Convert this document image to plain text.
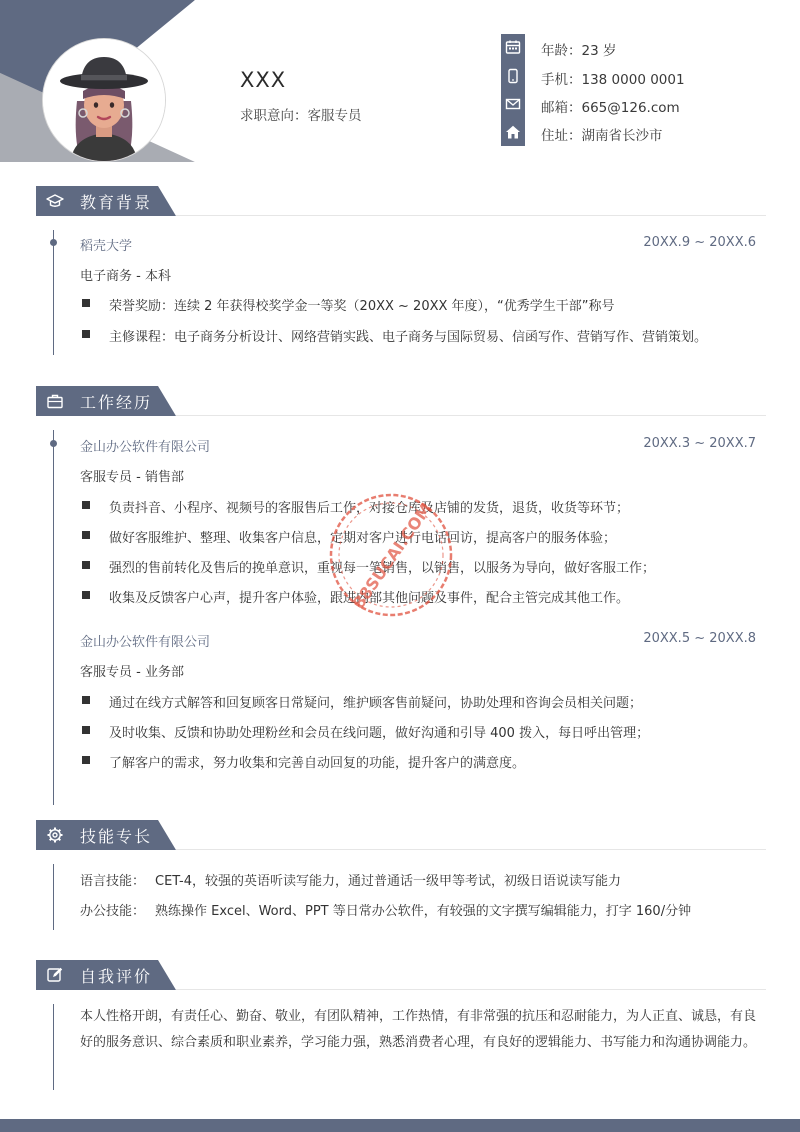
XXX
求职意向：客服专员
年龄：23 岁
手机：138 0000 0001
邮箱：665@126.com
住址：湖南省长沙市
教育背景
稻壳大学	20XX.9 ~ 20XX.6
电子商务 - 本科
荣誉奖励：连续 2 年获得校奖学金一等奖（20XX ~ 20XX 年度），“优秀学生干部”称号
主修课程：电子商务分析设计、网络营销实践、电子商务与国际贸易、信函写作、营销写作、营销策划。
工作经历
金山办公软件有限公司	20XX.3 ~ 20XX.7
客服专员 - 销售部
负责抖音、小程序、视频号的客服售后工作，对接仓库及店铺的发货，退货，收货等环节；
做好客服维护、整理、收集客户信息，定期对客户进行电话回访，提高客户的服务体验；
强烈的售前转化及售后的挽单意识，重视每一笔销售，以销售，以服务为导向，做好客服工作；
收集及反馈客户心声，提升客户体验，跟进内部其他问题及事件，配合主管完成其他工作。
金山办公软件有限公司	20XX.5 ~ 20XX.8
客服专员 - 业务部
通过在线方式解答和回复顾客日常疑问，维护顾客售前疑问，协助处理和咨询会员相关问题；
及时收集、反馈和协助处理粉丝和会员在线问题，做好沟通和引导 400 拨入，每日呼出管理；
了解客户的需求，努力收集和完善自动回复的功能，提升客户的满意度。
88SUCAI.COM
技能专长
语言技能： CET-4，较强的英语听读写能力，通过普通话一级甲等考试，初级日语说读写能力
办公技能： 熟练操作 Excel、Word、PPT 等日常办公软件，有较强的文字撰写编辑能力，打字 160/分钟
自我评价
本人性格开朗，有责任心、勤奋、敬业，有团队精神，工作热情，有非常强的抗压和忍耐能力，为人正直、诚恳，有良好的服务意识、综合素质和职业素养，学习能力强，熟悉消费者心理，有良好的逻辑能力、书写能力和沟通协调能力。
